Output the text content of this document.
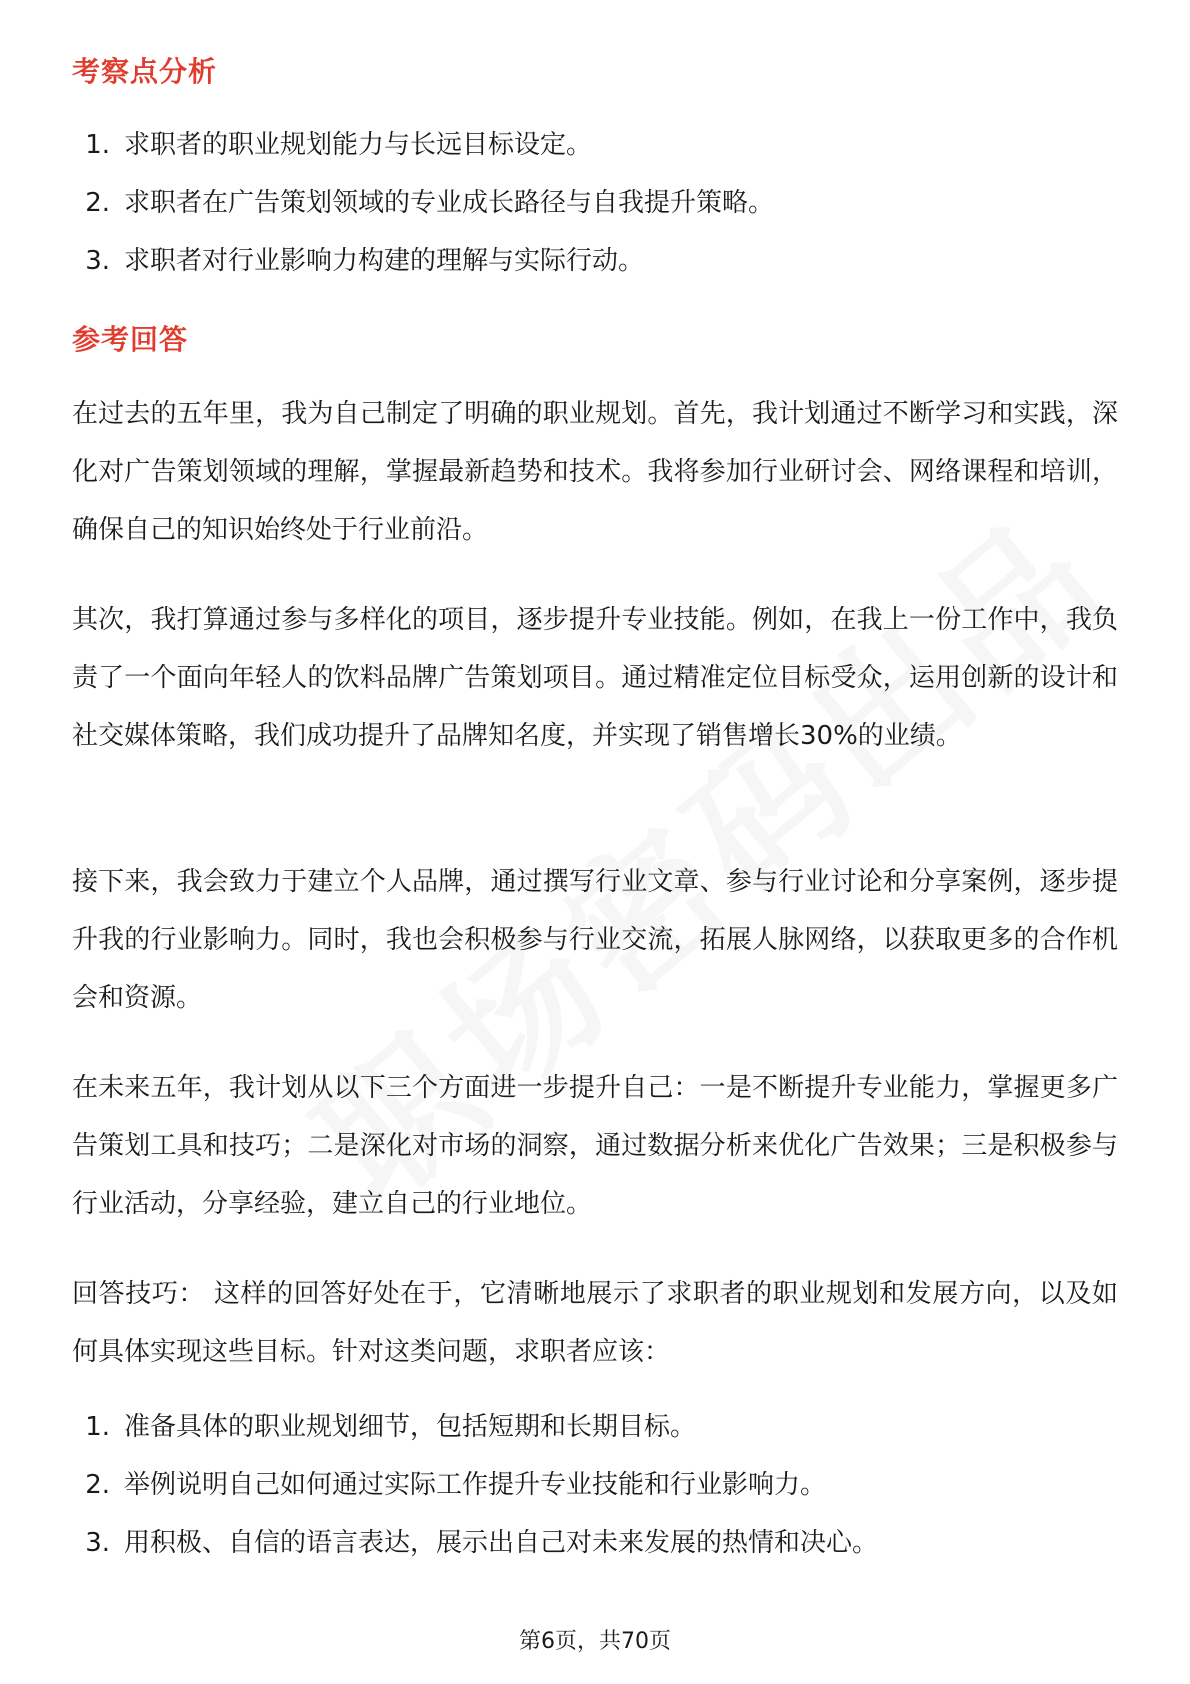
考察点分析
1. 求职者的职业规划能力与长远目标设定。
2. 求职者在广告策划领域的专业成长路径与自我提升策略。
3. 求职者对行业影响力构建的理解与实际行动。
参考回答

在过去的五年里，我为自己制定了明确的职业规划。首先，我计划通过不断学习和实践，深化对广告策划领域的理解，掌握最新趋势和技术。我将参加行业研讨会、网络课程和培训，确保自己的知识始终处于行业前沿。

其次，我打算通过参与多样化的项目，逐步提升专业技能。例如，在我上一份工作中，我负责了一个面向年轻人的饮料品牌广告策划项目。通过精准定位目标受众，运用创新的设计和社交媒体策略，我们成功提升了品牌知名度，并实现了销售增长30%的业绩。

接下来，我会致力于建立个人品牌，通过撰写行业文章、参与行业讨论和分享案例，逐步提升我的行业影响力。同时，我也会积极参与行业交流，拓展人脉网络，以获取更多的合作机会和资源。

在未来五年，我计划从以下三个方面进一步提升自己：一是不断提升专业能力，掌握更多广告策划工具和技巧；二是深化对市场的洞察，通过数据分析来优化广告效果；三是积极参与行业活动，分享经验，建立自己的行业地位。

回答技巧： 这样的回答好处在于，它清晰地展示了求职者的职业规划和发展方向，以及如何具体实现这些目标。针对这类问题，求职者应该：

1. 准备具体的职业规划细节，包括短期和长期目标。
2. 举例说明自己如何通过实际工作提升专业技能和行业影响力。
3. 用积极、自信的语言表达，展示出自己对未来发展的热情和决心。
第6页，共70页
